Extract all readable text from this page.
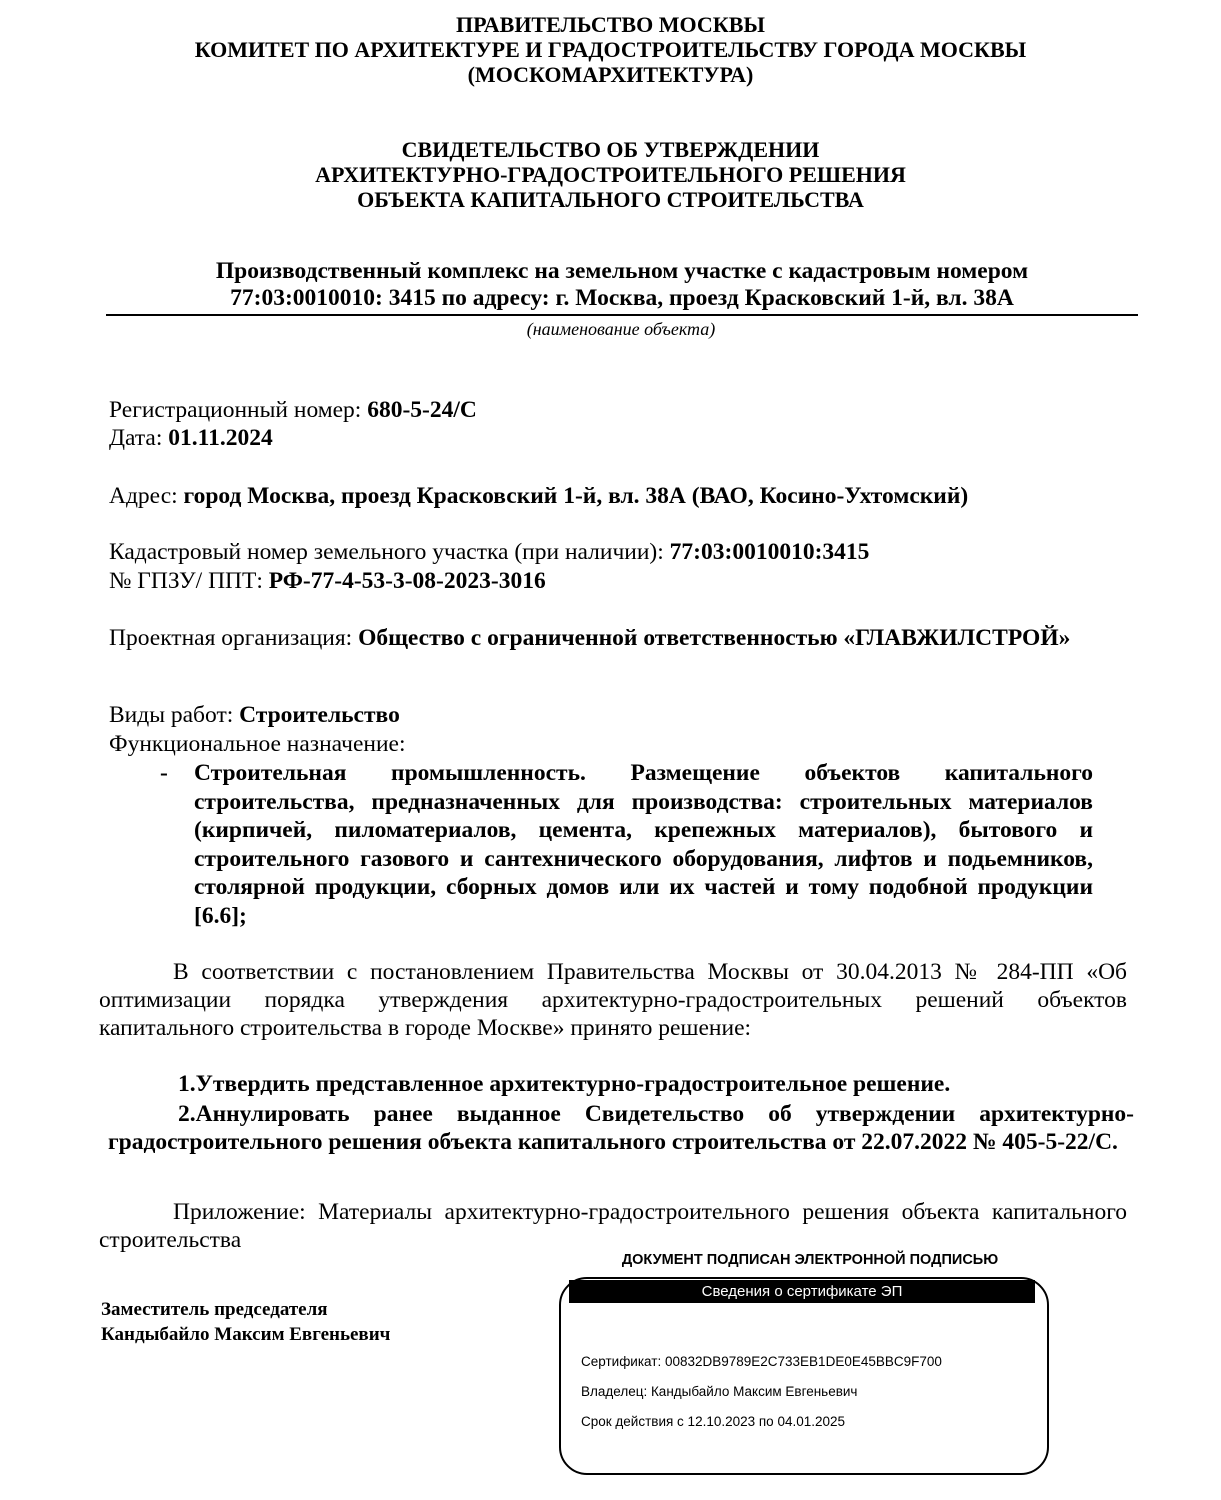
ПРАВИТЕЛЬСТВО МОСКВЫ
КОМИТЕТ ПО АРХИТЕКТУРЕ И ГРАДОСТРОИТЕЛЬСТВУ ГОРОДА МОСКВЫ
(МОСКОМАРХИТЕКТУРА)
СВИДЕТЕЛЬСТВО ОБ УТВЕРЖДЕНИИ
АРХИТЕКТУРНО-ГРАДОСТРОИТЕЛЬНОГО РЕШЕНИЯ
ОБЪЕКТА КАПИТАЛЬНОГО СТРОИТЕЛЬСТВА
Производственный комплекс на земельном участке с кадастровым номером
77:03:0010010: 3415 по адресу: г. Москва, проезд Красковский 1-й, вл. 38А
(наименование объекта)
Регистрационный номер: 680-5-24/С
Дата: 01.11.2024
Адрес: город Москва, проезд Красковский 1-й, вл. 38А (ВАО, Косино-Ухтомский)
Кадастровый номер земельного участка (при наличии): 77:03:0010010:3415
№ ГПЗУ/ ППТ: РФ-77-4-53-3-08-2023-3016
Проектная организация: Общество с ограниченной ответственностью «ГЛАВЖИЛСТРОЙ»
Виды работ: Строительство
Функциональное назначение:
- Строительная промышленность. Размещение объектов капитального строительства, предназначенных для производства: строительных материалов (кирпичей, пиломатериалов, цемента, крепежных материалов), бытового и строительного газового и сантехнического оборудования, лифтов и подьемников, столярной продукции, сборных домов или их частей и тому подобной продукции [6.6];
В соответствии с постановлением Правительства Москвы от 30.04.2013 № 284-ПП «Об оптимизации порядка утверждения архитектурно-градостроительных решений объектов капитального строительства в городе Москве» принято решение:
1.Утвердить представленное архитектурно-градостроительное решение.
2.Аннулировать ранее выданное Свидетельство об утверждении архитектурно-градостроительного решения объекта капитального строительства от 22.07.2022 № 405-5-22/С.
Приложение: Материалы архитектурно-градостроительного решения объекта капитального строительства
Заместитель председателя
Кандыбайло Максим Евгеньевич
ДОКУМЕНТ ПОДПИСАН ЭЛЕКТРОННОЙ ПОДПИСЬЮ
Сведения о сертификате ЭП
Сертификат: 00832DB9789E2C733EB1DE0E45BBC9F700
Владелец: Кандыбайло Максим Евгеньевич
Срок действия с 12.10.2023 по 04.01.2025
